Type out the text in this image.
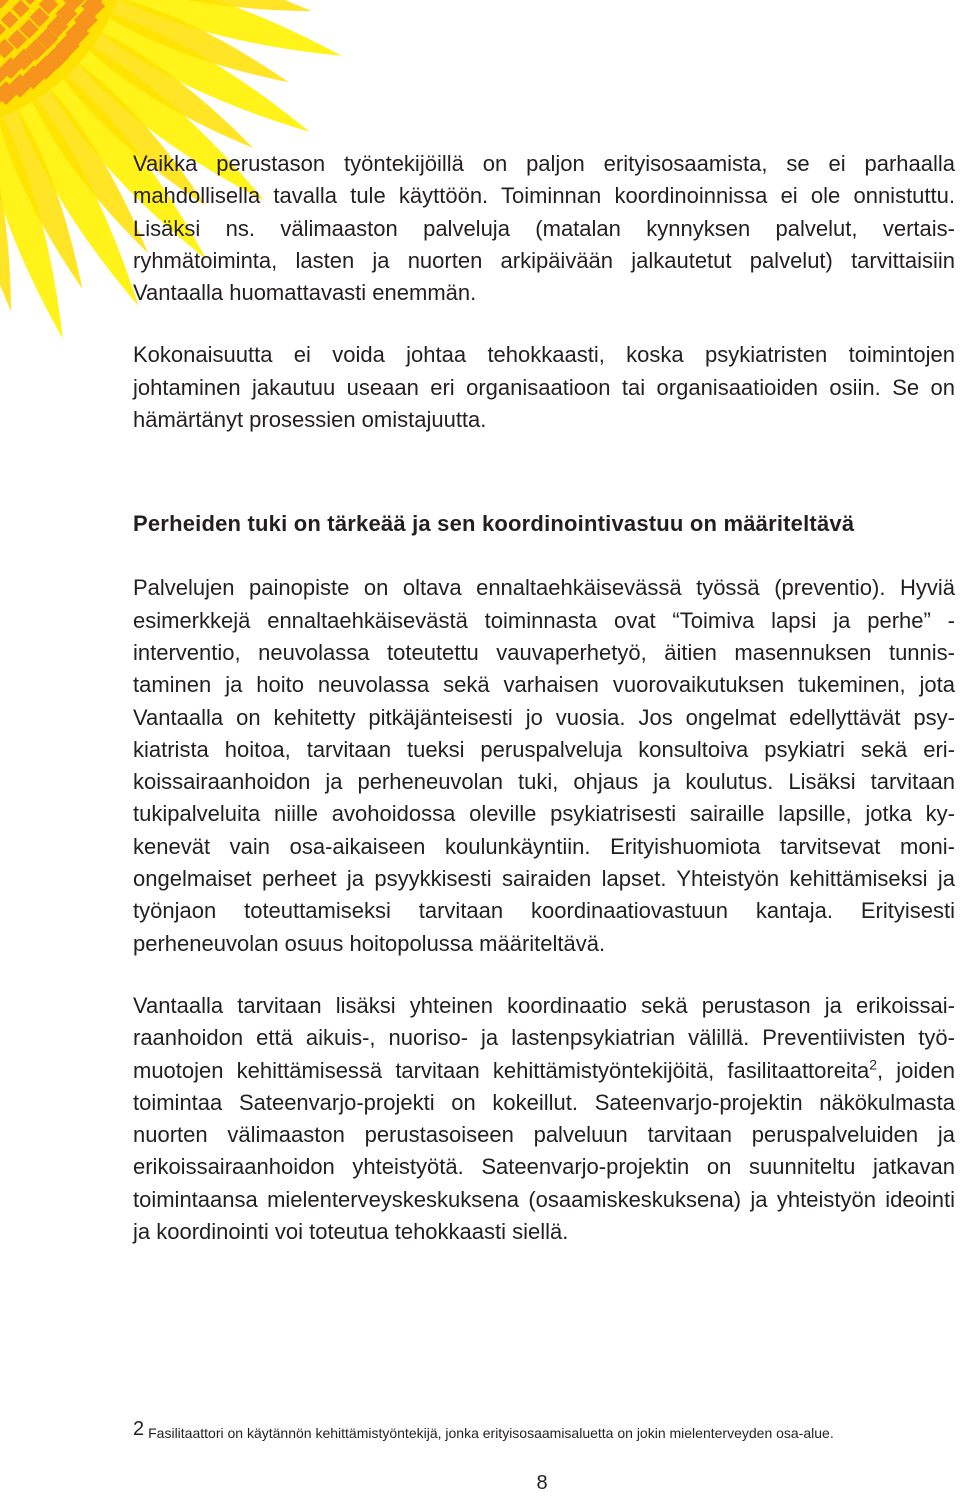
Vaikka perustason työntekijöillä on paljon erityisosaamista, se ei parhaalla mahdollisella tavalla tule käyttöön. Toiminnan koordinoinnissa ei ole onnistuttu. Lisäksi ns. välimaaston palveluja (matalan kynnyksen palvelut, vertaisryhmätoiminta, lasten ja nuorten arkipäivään jalkautetut palvelut) tarvittaisiin Vantaalla huomattavasti enemmän.

Kokonaisuutta ei voida johtaa tehokkaasti, koska psykiatristen toimintojen johtaminen jakautuu useaan eri organisaatioon tai organisaatioiden osiin. Se on hämärtänyt prosessien omistajuutta.

Perheiden tuki on tärkeää ja sen koordinointivastuu on määriteltävä

Palvelujen painopiste on oltava ennaltaehkäisevässä työssä (preventio). Hyviä esimerkkejä ennaltaehkäisevästä toiminnasta ovat “Toimiva lapsi ja perhe” -interventio, neuvolassa toteutettu vauvaperhetyö, äitien masennuksen tunnistaminen ja hoito neuvolassa sekä varhaisen vuorovaikutuksen tukeminen, jota Vantaalla on kehitetty pitkäjänteisesti jo vuosia. Jos ongelmat edellyttävät psykiatrista hoitoa, tarvitaan tueksi peruspalveluja konsultoiva psykiatri sekä erikoissairaanhoidon ja perheneuvolan tuki, ohjaus ja koulutus. Lisäksi tarvitaan tukipalveluita niille avohoidossa oleville psykiatrisesti sairaille lapsille, jotka kykenevät vain osa-aikaiseen koulunkäyntiin. Erityishuomiota tarvitsevat moniongelmaiset perheet ja psyykkisesti sairaiden lapset. Yhteistyön kehittämiseksi ja työnjaon toteuttamiseksi tarvitaan koordinaatiovastuun kantaja. Erityisesti perheneuvolan osuus hoitopolussa määriteltävä.

Vantaalla tarvitaan lisäksi yhteinen koordinaatio sekä perustason ja erikoissairaanhoidon että aikuis-, nuoriso- ja lastenpsykiatrian välillä. Preventiivisten työmuotojen kehittämisessä tarvitaan kehittämistyöntekijöitä, fasilitaattoreita$^2$, joiden toimintaa Sateenvarjo-projekti on kokeillut. Sateenvarjo-projektin näkökulmasta nuorten välimaaston perustasoiseen palveluun tarvitaan peruspalveluiden ja erikoissairaanhoidon yhteistyötä. Sateenvarjo-projektin on suunniteltu jatkavan toimintaansa mielenterveyskeskuksena (osaamiskeskuksena) ja yhteistyön ideointi ja koordinointi voi toteutua tehokkaasti siellä.

2 Fasilitaattori on käytännön kehittämistyöntekijä, jonka erityisosaamisaluetta on jokin mielenterveyden osa-alue.
8
